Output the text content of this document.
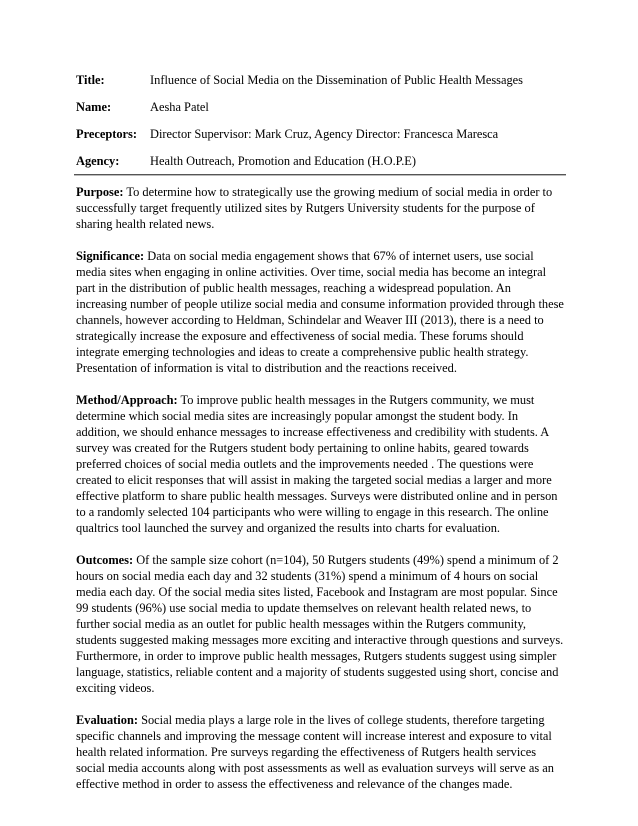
Title:	Influence of Social Media on the Dissemination of Public Health Messages
Name:	Aesha Patel
Preceptors:	Director Supervisor: Mark Cruz, Agency Director: Francesca Maresca
Agency:	Health Outreach, Promotion and Education (H.O.P.E)

Purpose: To determine how to strategically use the growing medium of social media in order to successfully target frequently utilized sites by Rutgers University students for the purpose of sharing health related news.

Significance: Data on social media engagement shows that 67% of internet users, use social media sites when engaging in online activities. Over time, social media has become an integral part in the distribution of public health messages, reaching a widespread population. An increasing number of people utilize social media and consume information provided through these channels, however according to Heldman, Schindelar and Weaver III (2013), there is a need to strategically increase the exposure and effectiveness of social media. These forums should integrate emerging technologies and ideas to create a comprehensive public health strategy. Presentation of information is vital to distribution and the reactions received.

Method/Approach: To improve public health messages in the Rutgers community, we must determine which social media sites are increasingly popular amongst the student body. In addition, we should enhance messages to increase effectiveness and credibility with students. A survey was created for the Rutgers student body pertaining to online habits, geared towards preferred choices of social media outlets and the improvements needed . The questions were created to elicit responses that will assist in making the targeted social medias a larger and more effective platform to share public health messages. Surveys were distributed online and in person to a randomly selected 104 participants who were willing to engage in this research. The online qualtrics tool launched the survey and organized the results into charts for evaluation.

Outcomes: Of the sample size cohort (n=104), 50 Rutgers students (49%) spend a minimum of 2 hours on social media each day and 32 students (31%) spend a minimum of 4 hours on social media each day. Of the social media sites listed, Facebook and Instagram are most popular. Since 99 students (96%) use social media to update themselves on relevant health related news, to further social media as an outlet for public health messages within the Rutgers community, students suggested making messages more exciting and interactive through questions and surveys. Furthermore, in order to improve public health messages, Rutgers students suggest using simpler language, statistics, reliable content and a majority of students suggested using short, concise and exciting videos.

Evaluation: Social media plays a large role in the lives of college students, therefore targeting specific channels and improving the message content will increase interest and exposure to vital health related information. Pre surveys regarding the effectiveness of Rutgers health services social media accounts along with post assessments as well as evaluation surveys will serve as an effective method in order to assess the effectiveness and relevance of the changes made.
